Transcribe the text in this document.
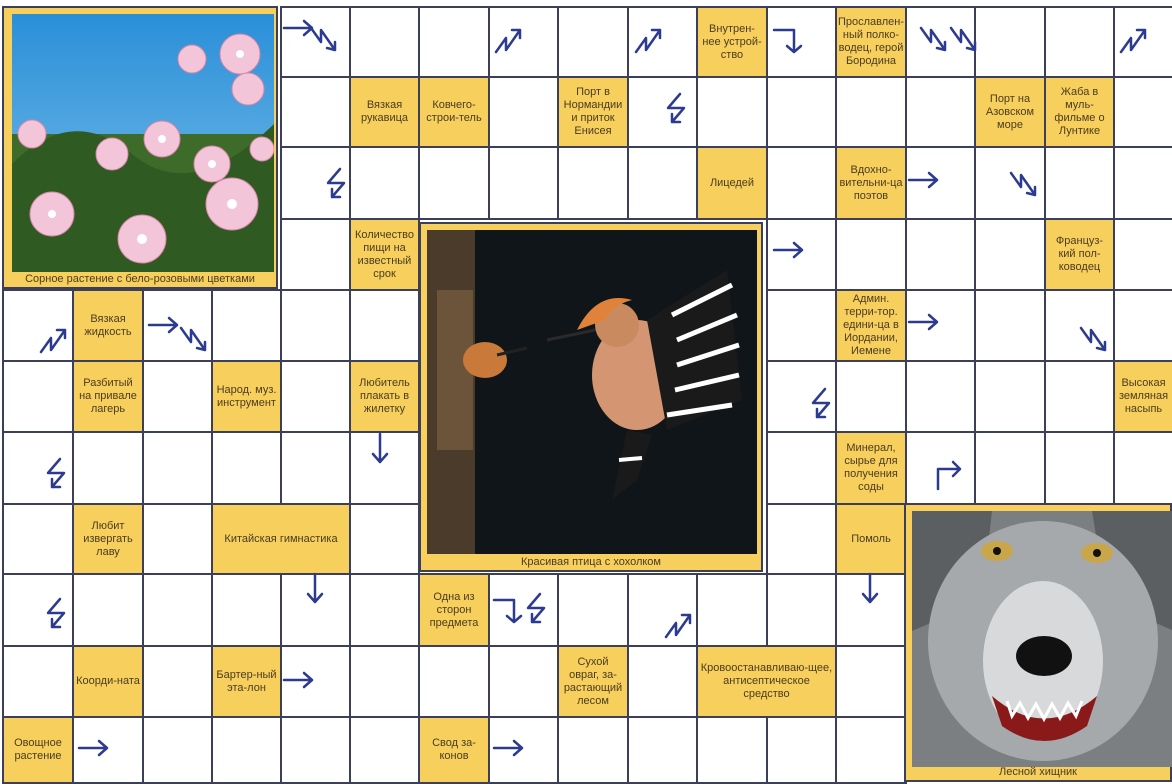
Вязкая рукавица
Ковчего-строи-тель
Порт в Нормандии и приток Енисея
Внутрен-нее устрой-ство
Прославлен-ный полко-водец, герой Бородина
Порт на Азовском море
Жаба в муль-фильме о Лунтике
Лицедей
Вдохно-вительни-ца поэтов
Количество пищи на известный срок
Француз-кий пол-ководец
Вязкая жидкость
Админ. терри-тор. едини-ца в Иордании, Иемене
Разбитый на привале лагерь
Народ. муз. инструмент
Любитель плакать в жилетку
Высокая земляная насыпь
Минерал, сырье для получения соды
Любит извергать лаву
Китайская гимнастика	Помоль
Одна из сторон предмета
Коорди-ната
Бартер-ный эта-лон
Сухой овраг, за-растающий лесом
Кровоостанавливаю-щее, антисептическое средство
Овощное растение
Свод за-конов
Сорное растение с бело-розовыми цветками
Красивая птица с хохолком
Лесной хищник
